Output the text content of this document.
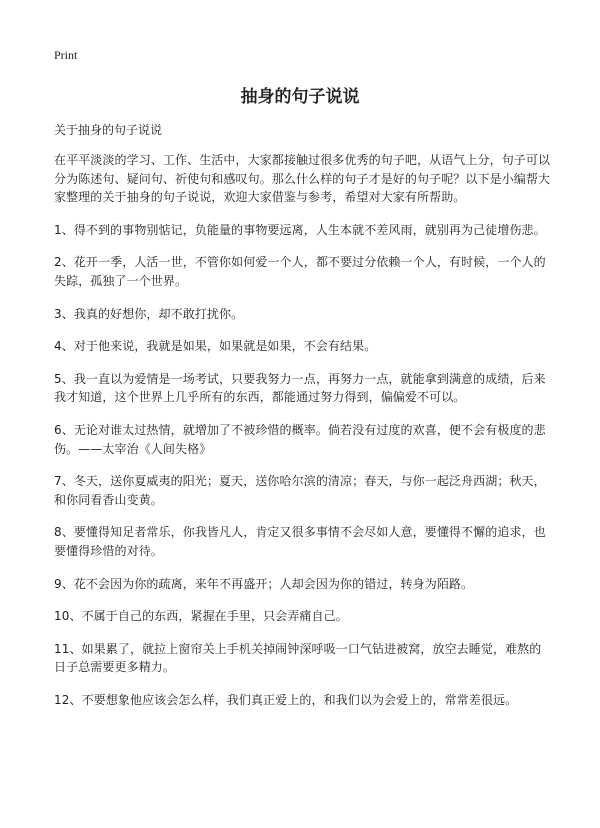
Print
抽身的句子说说
关于抽身的句子说说

在平平淡淡的学习、工作、生活中，大家都接触过很多优秀的句子吧，从语气上分，句子可以分为陈述句、疑问句、祈使句和感叹句。那么什么样的句子才是好的句子呢？以下是小编帮大家整理的关于抽身的句子说说，欢迎大家借鉴与参考，希望对大家有所帮助。

1、得不到的事物别惦记，负能量的事物要远离，人生本就不差风雨，就别再为己徒增伤悲。

2、花开一季，人活一世，不管你如何爱一个人，都不要过分依赖一个人，有时候，一个人的失踪，孤独了一个世界。

3、我真的好想你，却不敢打扰你。

4、对于他来说，我就是如果，如果就是如果，不会有结果。

5、我一直以为爱情是一场考试，只要我努力一点，再努力一点，就能拿到满意的成绩，后来我才知道，这个世界上几乎所有的东西，都能通过努力得到，偏偏爱不可以。

6、无论对谁太过热情，就增加了不被珍惜的概率。倘若没有过度的欢喜，便不会有极度的悲伤。——太宰治《人间失格》

7、冬天，送你夏威夷的阳光；夏天，送你哈尔滨的清凉；春天，与你一起泛舟西湖；秋天，和你同看香山变黄。

8、要懂得知足者常乐，你我皆凡人，肯定又很多事情不会尽如人意，要懂得不懈的追求，也要懂得珍惜的对待。

9、花不会因为你的疏离，来年不再盛开；人却会因为你的错过，转身为陌路。

10、不属于自己的东西，紧握在手里，只会弄痛自己。

11、如果累了，就拉上窗帘关上手机关掉闹钟深呼吸一口气钻进被窝，放空去睡觉，难熬的日子总需要更多精力。

12、不要想象他应该会怎么样，我们真正爱上的，和我们以为会爱上的，常常差很远。
